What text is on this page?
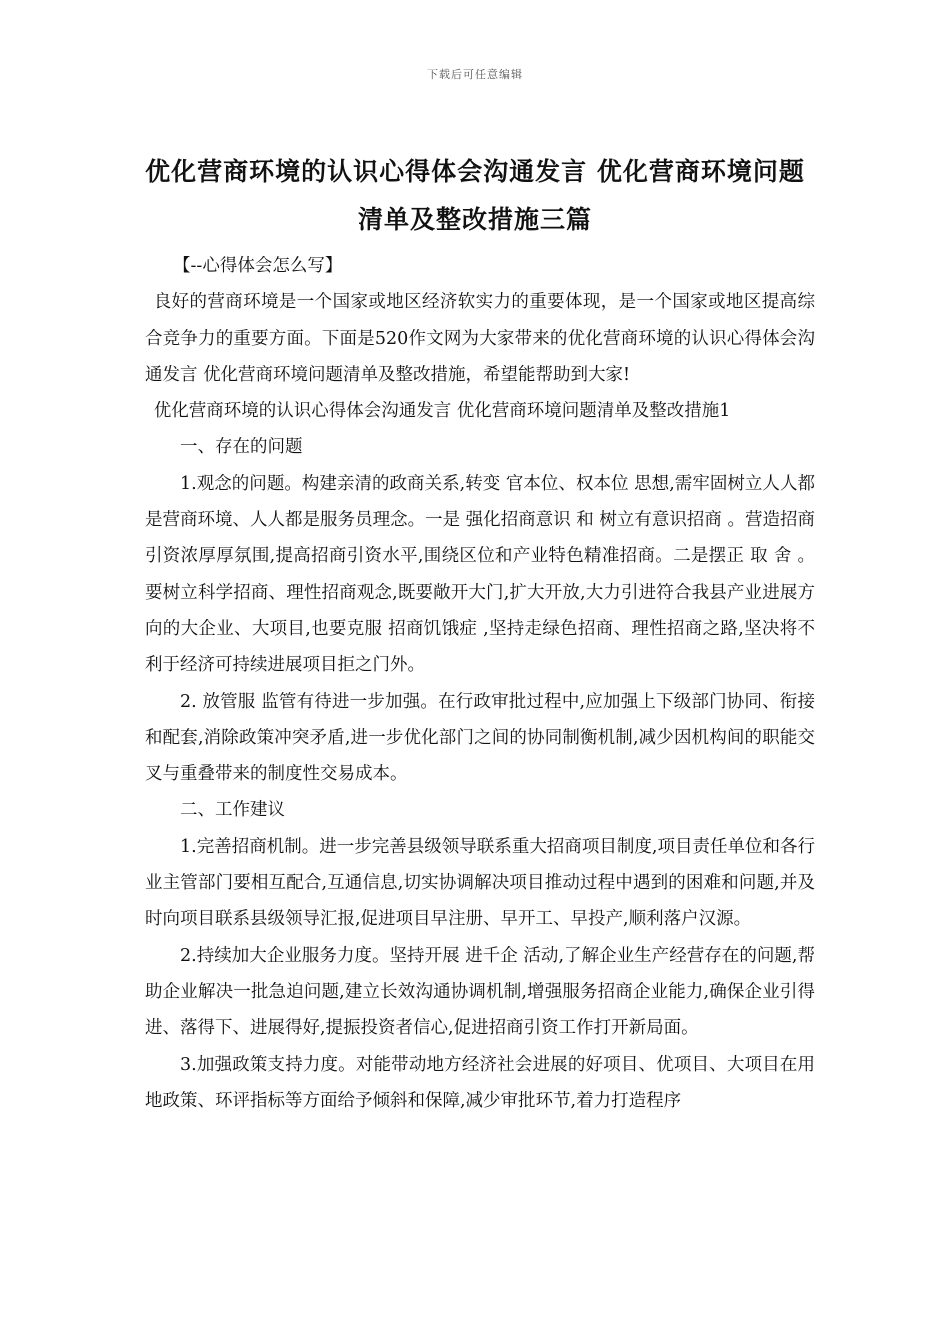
下载后可任意编辑
优化营商环境的认识心得体会沟通发言 优化营商环境问题
清单及整改措施三篇

【--心得体会怎么写】

良好的营商环境是一个国家或地区经济软实力的重要体现，是一个国家或地区提高综合竞争力的重要方面。下面是520作文网为大家带来的优化营商环境的认识心得体会沟通发言 优化营商环境问题清单及整改措施，希望能帮助到大家!

优化营商环境的认识心得体会沟通发言 优化营商环境问题清单及整改措施1

一、存在的问题

1.观念的问题。构建亲清的政商关系,转变 官本位、权本位 思想,需牢固树立人人都是营商环境、人人都是服务员理念。一是 强化招商意识 和 树立有意识招商 。营造招商引资浓厚厚氛围,提高招商引资水平,围绕区位和产业特色精准招商。二是摆正 取 舍 。要树立科学招商、理性招商观念,既要敞开大门,扩大开放,大力引进符合我县产业进展方向的大企业、大项目,也要克服 招商饥饿症 ,坚持走绿色招商、理性招商之路,坚决将不利于经济可持续进展项目拒之门外。

2. 放管服 监管有待进一步加强。在行政审批过程中,应加强上下级部门协同、衔接和配套,消除政策冲突矛盾,进一步优化部门之间的协同制衡机制,减少因机构间的职能交叉与重叠带来的制度性交易成本。

二、工作建议

1.完善招商机制。进一步完善县级领导联系重大招商项目制度,项目责任单位和各行业主管部门要相互配合,互通信息,切实协调解决项目推动过程中遇到的困难和问题,并及时向项目联系县级领导汇报,促进项目早注册、早开工、早投产,顺利落户汉源。

2.持续加大企业服务力度。坚持开展 进千企 活动,了解企业生产经营存在的问题,帮助企业解决一批急迫问题,建立长效沟通协调机制,增强服务招商企业能力,确保企业引得进、落得下、进展得好,提振投资者信心,促进招商引资工作打开新局面。

3.加强政策支持力度。对能带动地方经济社会进展的好项目、优项目、大项目在用地政策、环评指标等方面给予倾斜和保障,减少审批环节,着力打造程序
